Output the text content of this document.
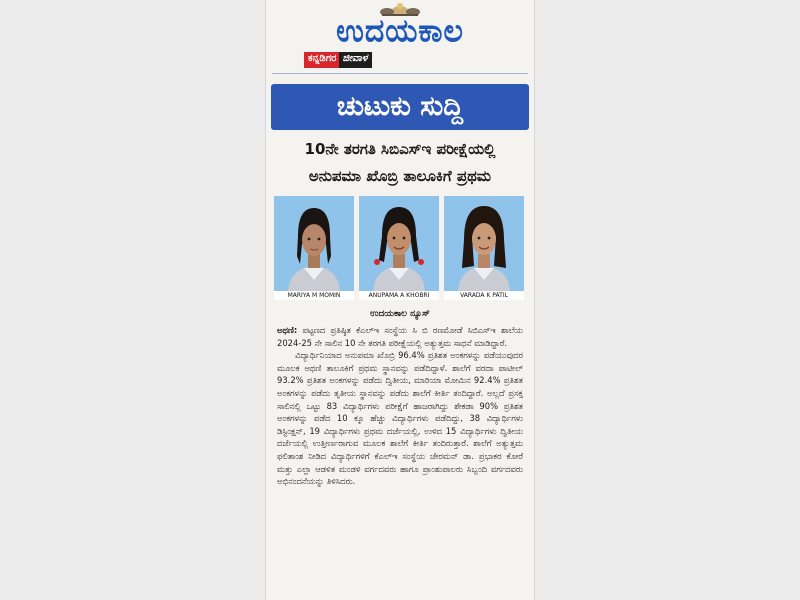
ಉದಯಕಾಲ
ಕನ್ನಡಿಗರ ಜೀವಾಳ
ಚುಟುಕು ಸುದ್ದಿ
10ನೇ ತರಗತಿ ಸಿಬಿಎಸ್ಇ ಪರೀಕ್ಷೆಯಲ್ಲಿ
ಅನುಪಮಾ ಖೊಬ್ರಿ ತಾಲೂಕಿಗೆ ಪ್ರಥಮ
MARIYA M MOMIN	ANUPAMA A KHOBRI	VARADA K PATIL
ಉದಯಕಾಲ ನ್ಯೂಸ್

ಅಥಣಿ: ಪಟ್ಟಣದ ಪ್ರತಿಷ್ಠಿತ ಕೆಎಲ್‌ಇ ಸಂಸ್ಥೆಯ ಸಿ ಬಿ ರಣಮೋಡೆ ಸಿಬಿಎಸ್ಇ ಶಾಲೆಯ 2024-25 ನೇ ಸಾಲಿನ 10 ನೇ ತರಗತಿ ಪರೀಕ್ಷೆಯಲ್ಲಿ ಅತ್ಯುತ್ತಮ ಸಾಧನೆ ಮಾಡಿದ್ದಾರೆ.

ವಿದ್ಯಾರ್ಥಿನಿಯಾದ ಅನುಪಮಾ ಖೊಬ್ರಿ 96.4% ಪ್ರತಿಶತ ಅಂಕಗಳನ್ನು ಪಡೆಯುವುದರ ಮೂಲಕ ಅಥಣಿ ತಾಲೂಕಿಗೆ ಪ್ರಥಮ ಸ್ಥಾನವನ್ನು ಪಡೆದಿದ್ದಾಳೆ. ಶಾಲೆಗೆ ವರದಾ ಪಾಟೀಲ್ 93.2% ಪ್ರತಿಶತ ಅಂಕಗಳನ್ನು ಪಡೆದು ದ್ವಿತೀಯ, ಮಾರಿಯಾ ಮೋಮಿನ 92.4% ಪ್ರತಿಶತ ಅಂಕಗಳನ್ನು ಪಡೆದು ತೃತೀಯ ಸ್ಥಾನವನ್ನು ಪಡೆದು ಶಾಲೆಗೆ ಕೀರ್ತಿ ತಂದಿದ್ದಾರೆ. ಅಲ್ಲದೆ ಪ್ರಸಕ್ತ ಸಾಲಿನಲ್ಲಿ ಒಟ್ಟು 83 ವಿದ್ಯಾರ್ಥಿಗಳು ಪರೀಕ್ಷೆಗೆ ಹಾಜರಾಗಿದ್ದು ಶೇಕಡಾ 90% ಪ್ರತಿಶತ ಅಂಕಗಳನ್ನು ಪಡೆದ 10 ಕ್ಕೂ ಹೆಚ್ಚು ವಿದ್ಯಾರ್ಥಿಗಳು ಪಡೆದಿದ್ದು, 38 ವಿದ್ಯಾರ್ಥಿಗಳು ಡಿಸ್ಟಿಂಕ್ಷನ್, 19 ವಿದ್ಯಾರ್ಥಿಗಳು ಪ್ರಥಮ ದರ್ಜೆಯಲ್ಲಿ, ಉಳಿದ 15 ವಿದ್ಯಾರ್ಥಿಗಳು ದ್ವಿತೀಯ ದರ್ಜೆಯಲ್ಲಿ ಉತ್ತೀರ್ಣರಾಗುವ ಮೂಲಕ ಶಾಲೆಗೆ ಕೀರ್ತಿ ತಂದಿರುತ್ತಾರೆ. ಶಾಲೆಗೆ ಅತ್ಯುತ್ತಮ ಫಲಿತಾಂಶ ನೀಡಿದ ವಿದ್ಯಾರ್ಥಿಗಳಿಗೆ ಕೆಎಲ್‌ಇ ಸಂಸ್ಥೆಯ ಚೇರಮನ್ ಡಾ. ಪ್ರಭಾಕರ ಕೋರೆ ಮತ್ತು ಎಲ್ಲಾ ಆಡಳಿತ ಮಂಡಳಿ ವರ್ಗದವರು ಹಾಗೂ ಪ್ರಾಂಶುಪಾಲರು ಸಿಬ್ಬಂದಿ ವರ್ಗದವರು ಅಭಿನಂದನೆಯನ್ನು ತಿಳಿಸಿದರು.
